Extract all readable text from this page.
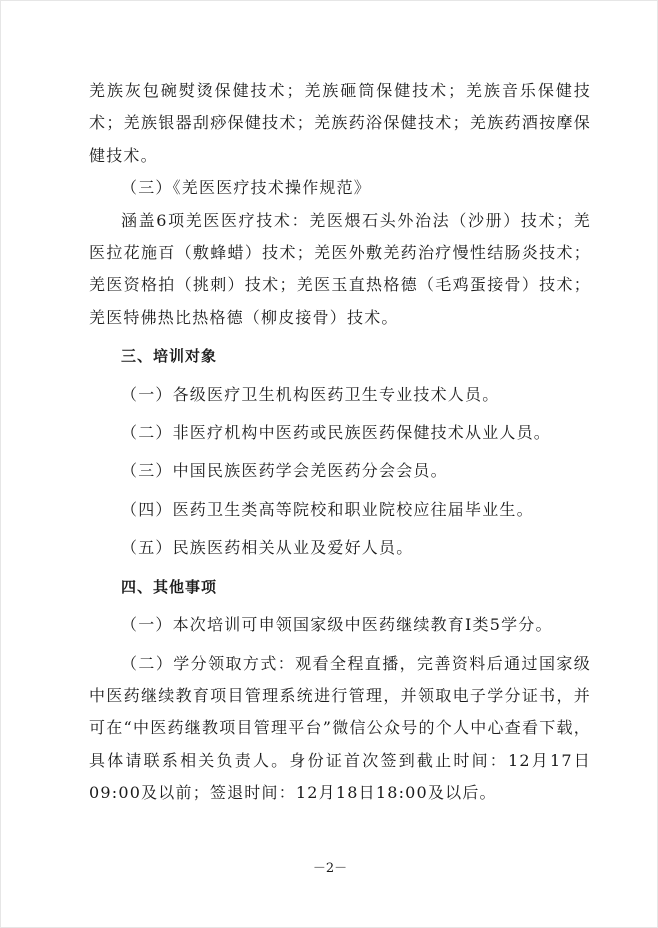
羌族灰包碗熨烫保健技术；羌族砸筒保健技术；羌族音乐保健技术；羌族银器刮痧保健技术；羌族药浴保健技术；羌族药酒按摩保健技术。

（三）《羌医医疗技术操作规范》

涵盖6项羌医医疗技术：羌医煨石头外治法（沙册）技术；羌医拉花施百（敷蜂蜡）技术；羌医外敷羌药治疗慢性结肠炎技术；羌医资格拍（挑刺）技术；羌医玉直热格德（毛鸡蛋接骨）技术；羌医特佛热比热格德（柳皮接骨）技术。

三、培训对象

（一）各级医疗卫生机构医药卫生专业技术人员。

（二）非医疗机构中医药或民族医药保健技术从业人员。

（三）中国民族医药学会羌医药分会会员。

（四）医药卫生类高等院校和职业院校应往届毕业生。

（五）民族医药相关从业及爱好人员。

四、其他事项

（一）本次培训可申领国家级中医药继续教育Ⅰ类5学分。

（二）学分领取方式：观看全程直播，完善资料后通过国家级中医药继续教育项目管理系统进行管理，并领取电子学分证书，并可在“中医药继教项目管理平台”微信公众号的个人中心查看下载，具体请联系相关负责人。身份证首次签到截止时间：12月17日09:00及以前；签退时间：12月18日18:00及以后。

－2－
